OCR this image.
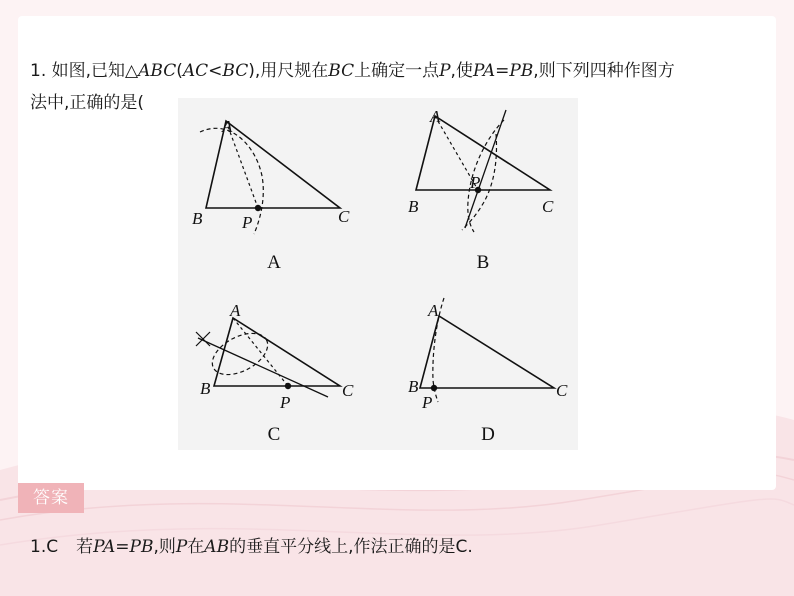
1. 如图,已知△ABC(AC<BC),用尺规在BC上确定一点P,使PA=PB,则下列四种作图方
法中,正确的是(
A
B P	C
A
B
P
C
A
B
P
C
A
B
P
C
A	B
C	D
答案
1.C 若PA=PB,则P在AB的垂直平分线上,作法正确的是C.
